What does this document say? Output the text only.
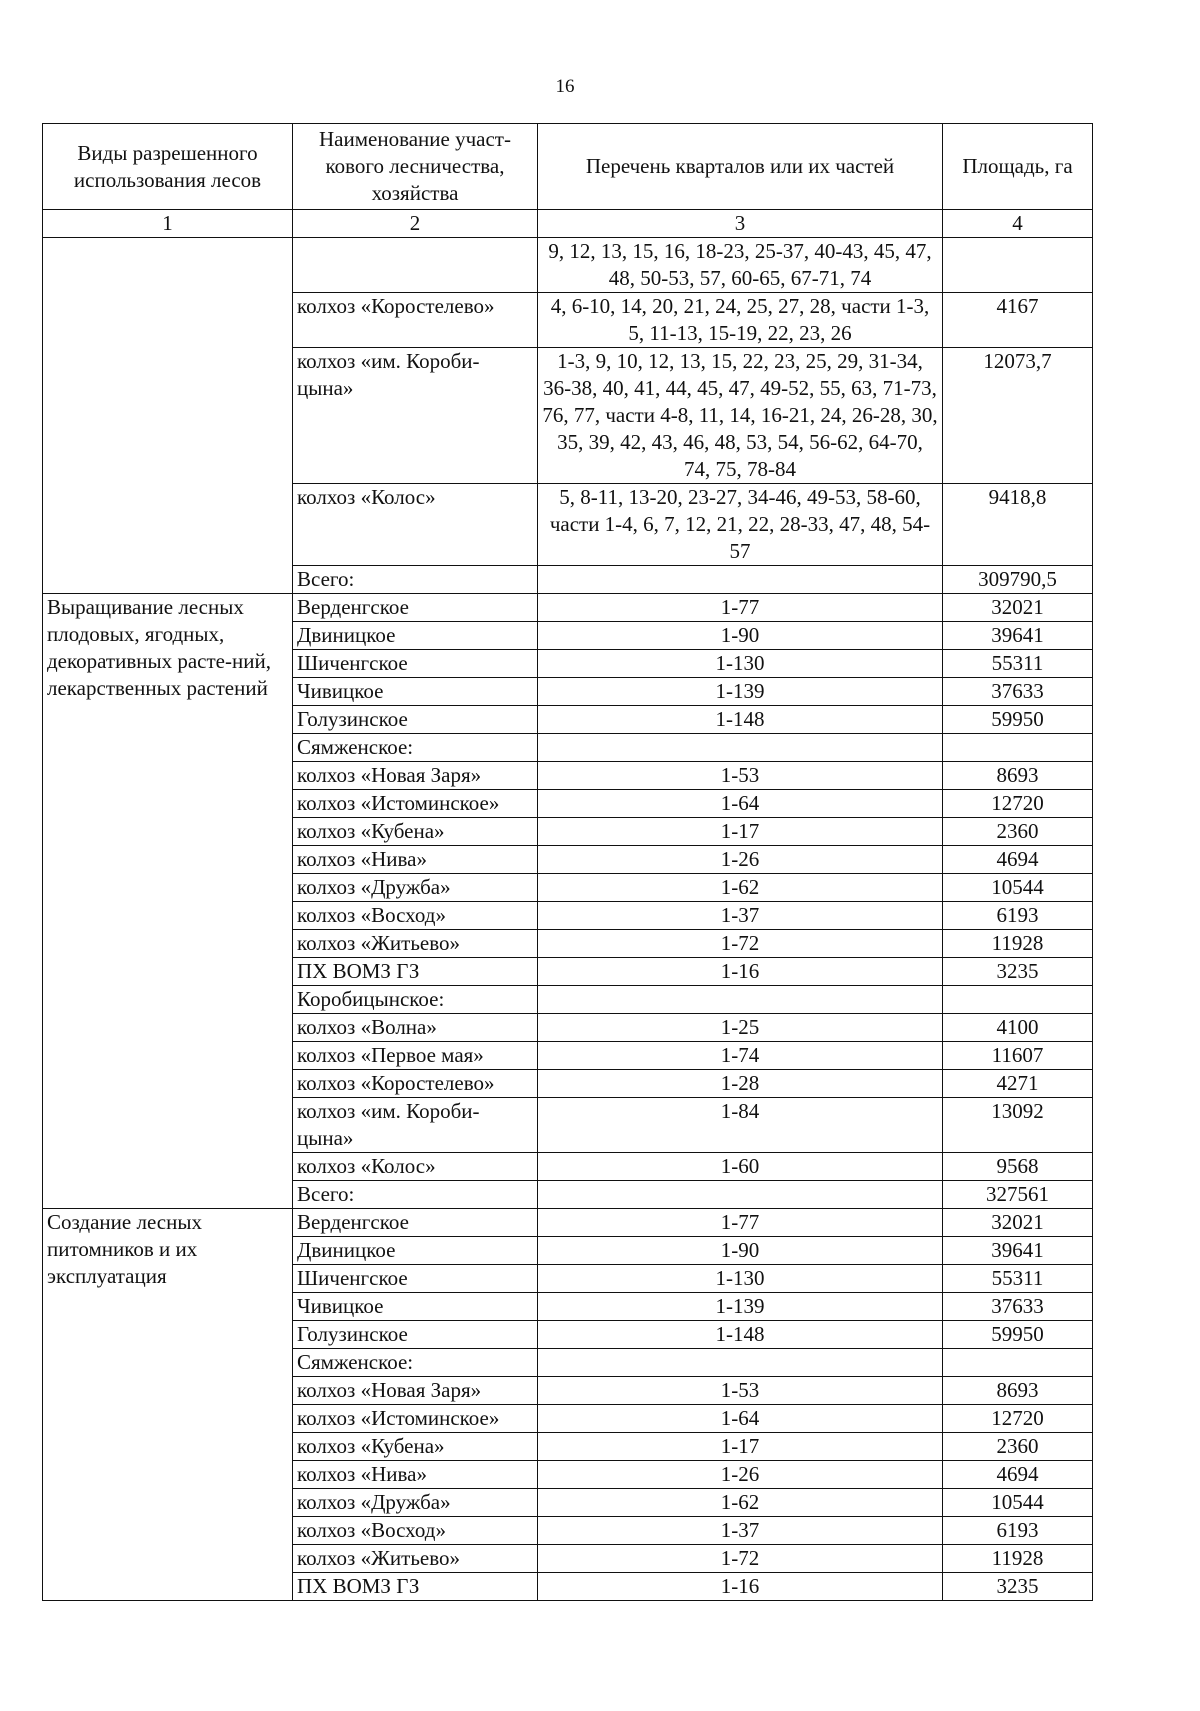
16
Виды разрешенного использования лесов	Наименование участ-кового лесничества, хозяйства	Перечень кварталов или их частей	Площадь, га
1	2	3	4
		9, 12, 13, 15, 16, 18-23, 25-37, 40-43, 45, 47, 48, 50-53, 57, 60-65, 67-71, 74	
	колхоз «Коростелево»	4, 6-10, 14, 20, 21, 24, 25, 27, 28, части 1-3, 5, 11-13, 15-19, 22, 23, 26	4167
	колхоз «им. Короби-цына»	1-3, 9, 10, 12, 13, 15, 22, 23, 25, 29, 31-34, 36-38, 40, 41, 44, 45, 47, 49-52, 55, 63, 71-73, 76, 77, части 4-8, 11, 14, 16-21, 24, 26-28, 30, 35, 39, 42, 43, 46, 48, 53, 54, 56-62, 64-70, 74, 75, 78-84	12073,7
	колхоз «Колос»	5, 8-11, 13-20, 23-27, 34-46, 49-53, 58-60, части 1-4, 6, 7, 12, 21, 22, 28-33, 47, 48, 54-57	9418,8
	Всего:		309790,5
Выращивание лесных плодовых, ягодных, декоративных расте-ний, лекарственных растений	Верденгское	1-77	32021
	Двиницкое	1-90	39641
	Шиченгское	1-130	55311
	Чивицкое	1-139	37633
	Голузинское	1-148	59950
	Сямженское:		
	колхоз «Новая Заря»	1-53	8693
	колхоз «Истоминское»	1-64	12720
	колхоз «Кубена»	1-17	2360
	колхоз «Нива»	1-26	4694
	колхоз «Дружба»	1-62	10544
	колхоз «Восход»	1-37	6193
	колхоз «Житьево»	1-72	11928
	ПХ ВОМЗ ГЗ	1-16	3235
	Коробицынское:		
	колхоз «Волна»	1-25	4100
	колхоз «Первое мая»	1-74	11607
	колхоз «Коростелево»	1-28	4271
	колхоз «им. Короби-цына»	1-84	13092
	колхоз «Колос»	1-60	9568
	Всего:		327561
Создание лесных питомников и их эксплуатация	Верденгское	1-77	32021
	Двиницкое	1-90	39641
	Шиченгское	1-130	55311
	Чивицкое	1-139	37633
	Голузинское	1-148	59950
	Сямженское:		
	колхоз «Новая Заря»	1-53	8693
	колхоз «Истоминское»	1-64	12720
	колхоз «Кубена»	1-17	2360
	колхоз «Нива»	1-26	4694
	колхоз «Дружба»	1-62	10544
	колхоз «Восход»	1-37	6193
	колхоз «Житьево»	1-72	11928
	ПХ ВОМЗ ГЗ	1-16	3235
